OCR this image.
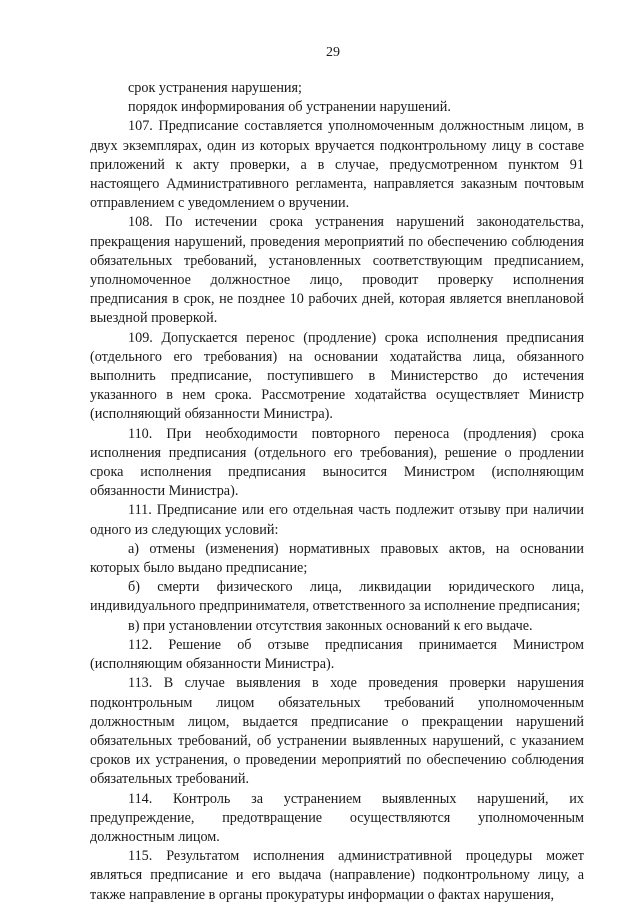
29

срок устранения нарушения;

порядок информирования об устранении нарушений.

107. Предписание составляется уполномоченным должностным лицом, в двух экземплярах, один из которых вручается подконтрольному лицу в составе приложений к акту проверки, а в случае, предусмотренном пунктом 91 настоящего Административного регламента, направляется заказным почтовым отправлением с уведомлением о вручении.

108. По истечении срока устранения нарушений законодательства, прекращения нарушений, проведения мероприятий по обеспечению соблюдения обязательных требований, установленных соответствующим предписанием, уполномоченное должностное лицо, проводит проверку исполнения предписания в срок, не позднее 10 рабочих дней, которая является внеплановой выездной проверкой.

109. Допускается перенос (продление) срока исполнения предписания (отдельного его требования) на основании ходатайства лица, обязанного выполнить предписание, поступившего в Министерство до истечения указанного в нем срока. Рассмотрение ходатайства осуществляет Министр (исполняющий обязанности Министра).

110. При необходимости повторного переноса (продления) срока исполнения предписания (отдельного его требования), решение о продлении срока исполнения предписания выносится Министром (исполняющим обязанности Министра).

111. Предписание или его отдельная часть подлежит отзыву при наличии одного из следующих условий:

а) отмены (изменения) нормативных правовых актов, на основании которых было выдано предписание;

б) смерти физического лица, ликвидации юридического лица, индивидуального предпринимателя, ответственного за исполнение предписания;

в) при установлении отсутствия законных оснований к его выдаче.

112. Решение об отзыве предписания принимается Министром (исполняющим обязанности Министра).

113. В случае выявления в ходе проведения проверки нарушения подконтрольным лицом обязательных требований уполномоченным должностным лицом, выдается предписание о прекращении нарушений обязательных требований, об устранении выявленных нарушений, с указанием сроков их устранения, о проведении мероприятий по обеспечению соблюдения обязательных требований.

114. Контроль за устранением выявленных нарушений, их предупреждение, предотвращение осуществляются уполномоченным должностным лицом.

115. Результатом исполнения административной процедуры может являться предписание и его выдача (направление) подконтрольному лицу, а также направление в органы прокуратуры информации о фактах нарушения,
